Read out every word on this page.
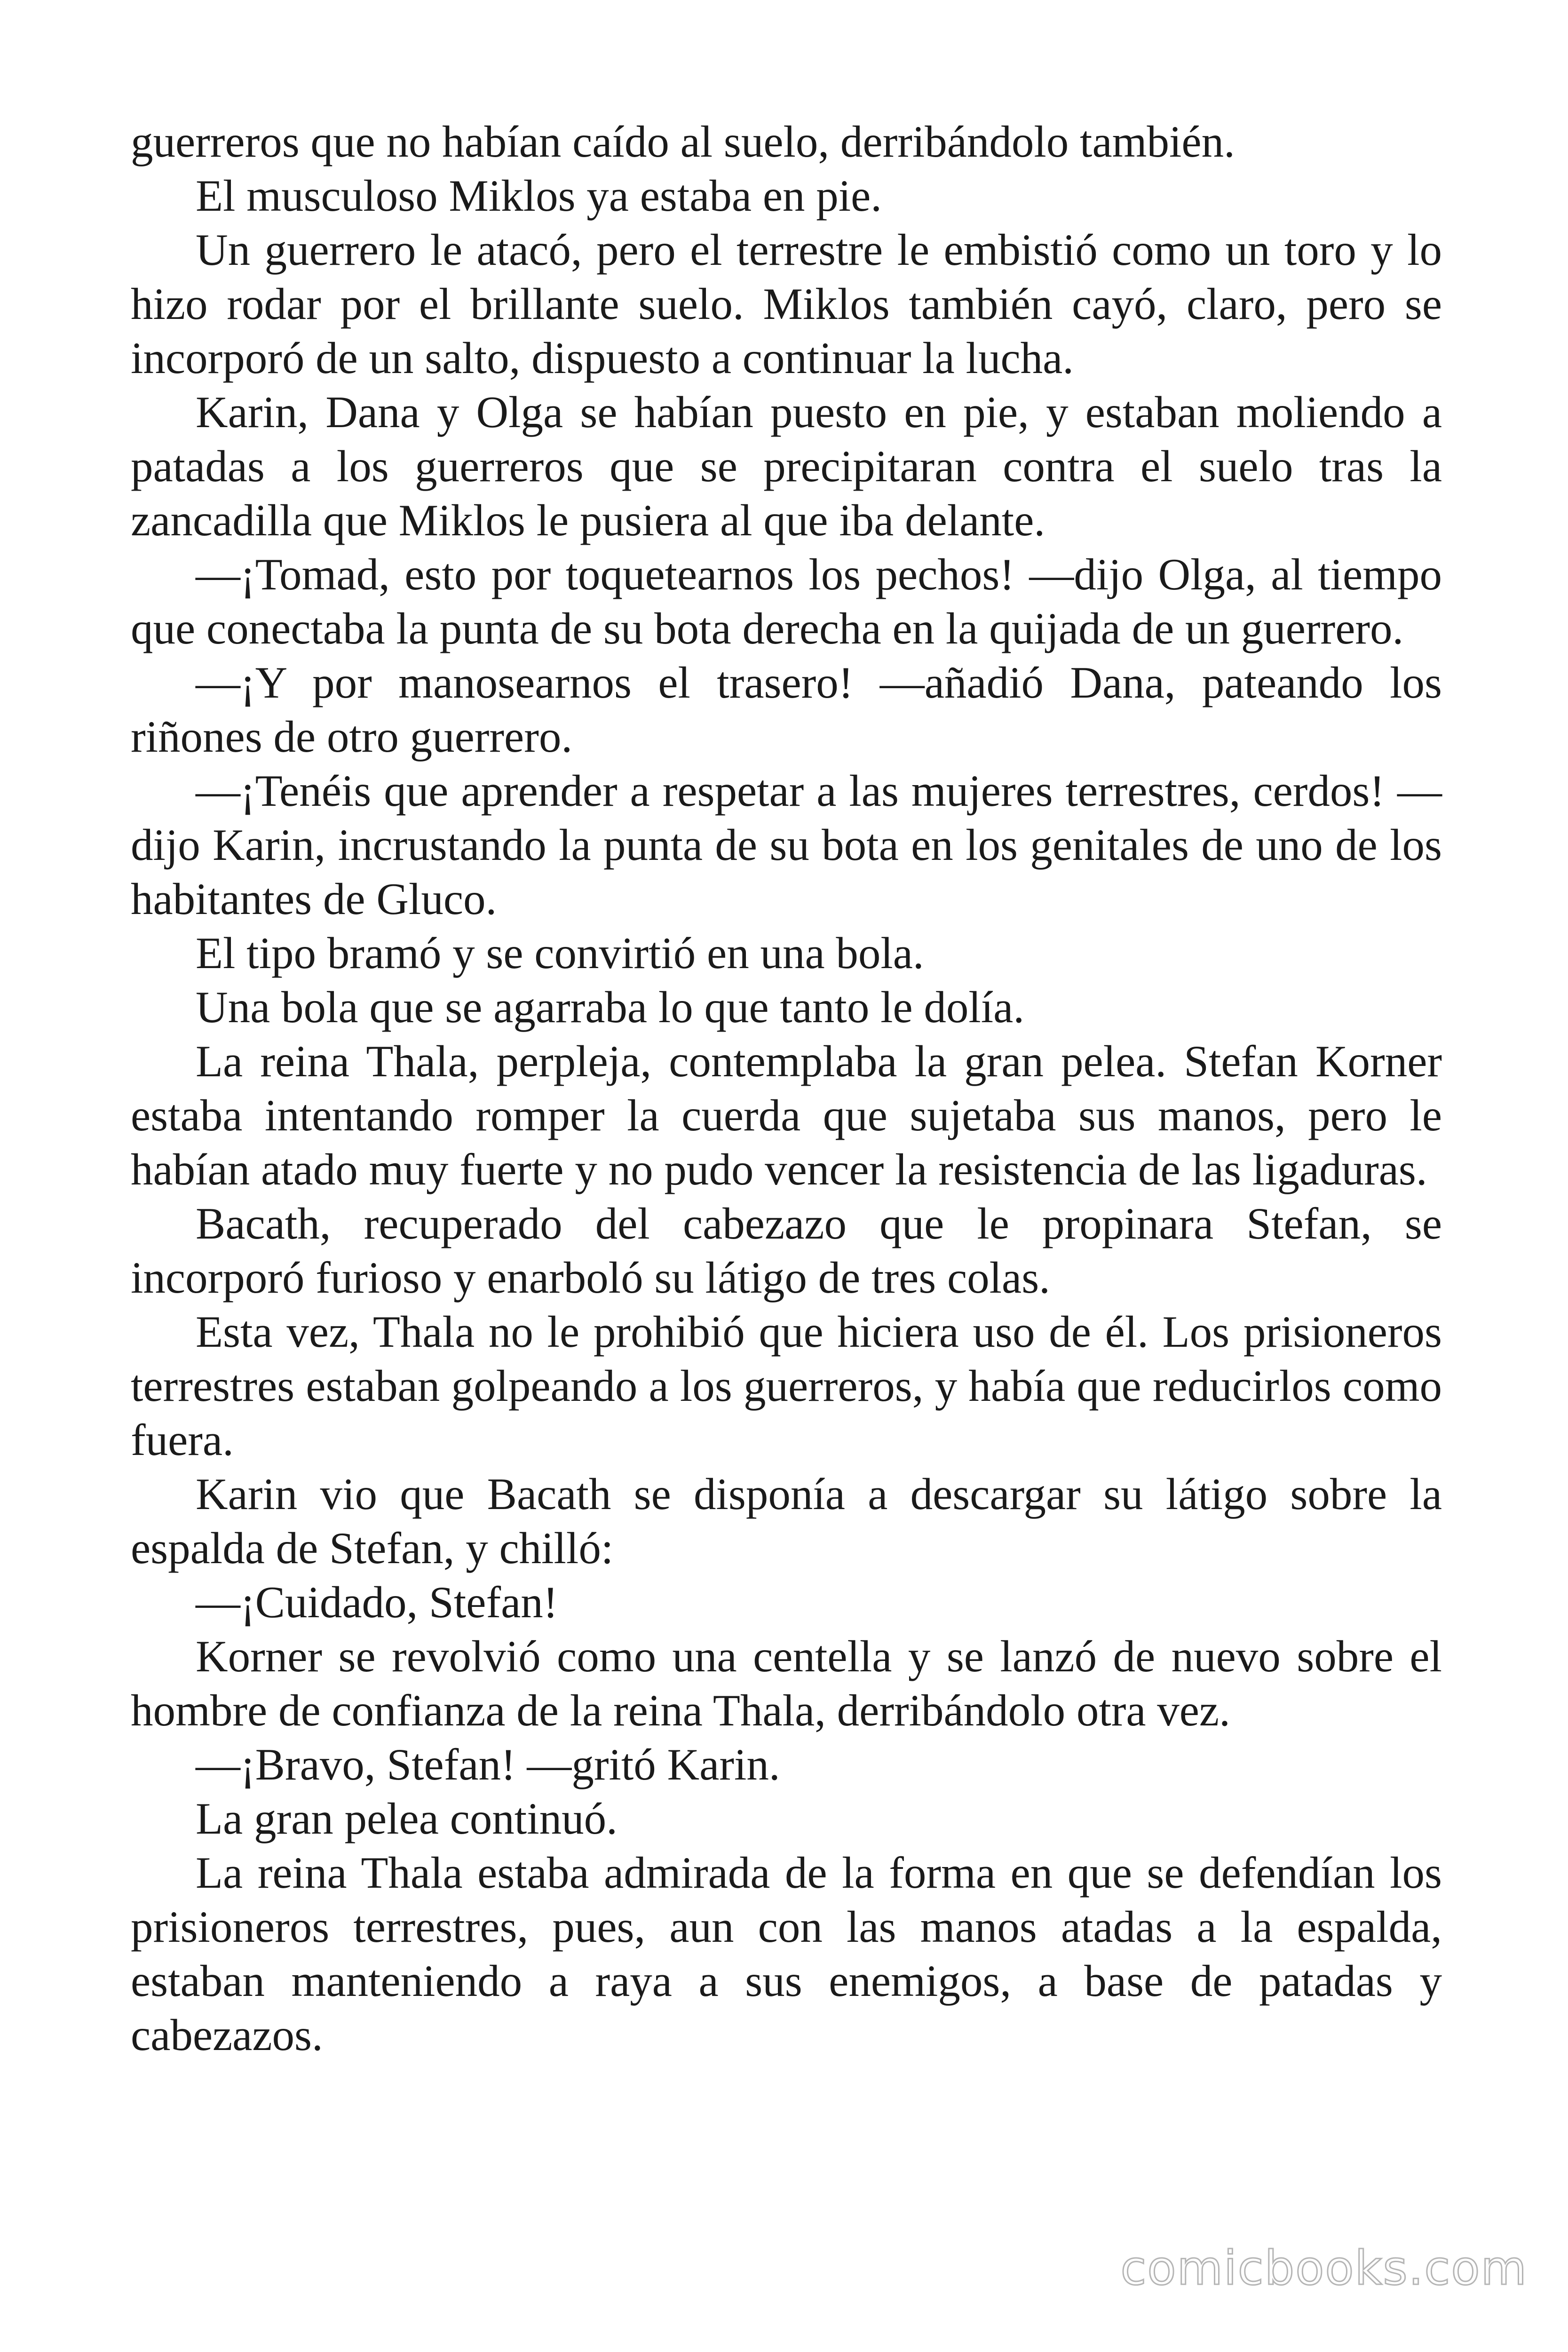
guerreros que no habían caído al suelo, derribándolo también.

El musculoso Miklos ya estaba en pie.

Un guerrero le atacó, pero el terrestre le embistió como un toro y lo hizo rodar por el brillante suelo. Miklos también cayó, claro, pero se incorporó de un salto, dispuesto a continuar la lucha.

Karin, Dana y Olga se habían puesto en pie, y estaban moliendo a patadas a los guerreros que se precipitaran contra el suelo tras la zancadilla que Miklos le pusiera al que iba delante.

—¡Tomad, esto por toquetearnos los pechos! —dijo Olga, al tiempo que conectaba la punta de su bota derecha en la quijada de un guerrero.

—¡Y por manosearnos el trasero! —añadió Dana, pateando los riñones de otro guerrero.

—¡Tenéis que aprender a respetar a las mujeres terrestres, cerdos! —dijo Karin, incrustando la punta de su bota en los genitales de uno de los habitantes de Gluco.

El tipo bramó y se convirtió en una bola.

Una bola que se agarraba lo que tanto le dolía.

La reina Thala, perpleja, contemplaba la gran pelea. Stefan Korner estaba intentando romper la cuerda que sujetaba sus manos, pero le habían atado muy fuerte y no pudo vencer la resistencia de las ligaduras.

Bacath, recuperado del cabezazo que le propinara Stefan, se incorporó furioso y enarboló su látigo de tres colas.

Esta vez, Thala no le prohibió que hiciera uso de él. Los prisioneros terrestres estaban golpeando a los guerreros, y había que reducirlos como fuera.

Karin vio que Bacath se disponía a descargar su látigo sobre la espalda de Stefan, y chilló:

—¡Cuidado, Stefan!

Korner se revolvió como una centella y se lanzó de nuevo sobre el hombre de confianza de la reina Thala, derribándolo otra vez.

—¡Bravo, Stefan! —gritó Karin.

La gran pelea continuó.

La reina Thala estaba admirada de la forma en que se defendían los prisioneros terrestres, pues, aun con las manos atadas a la espalda, estaban manteniendo a raya a sus enemigos, a base de patadas y cabezazos.

comicbooks.com
